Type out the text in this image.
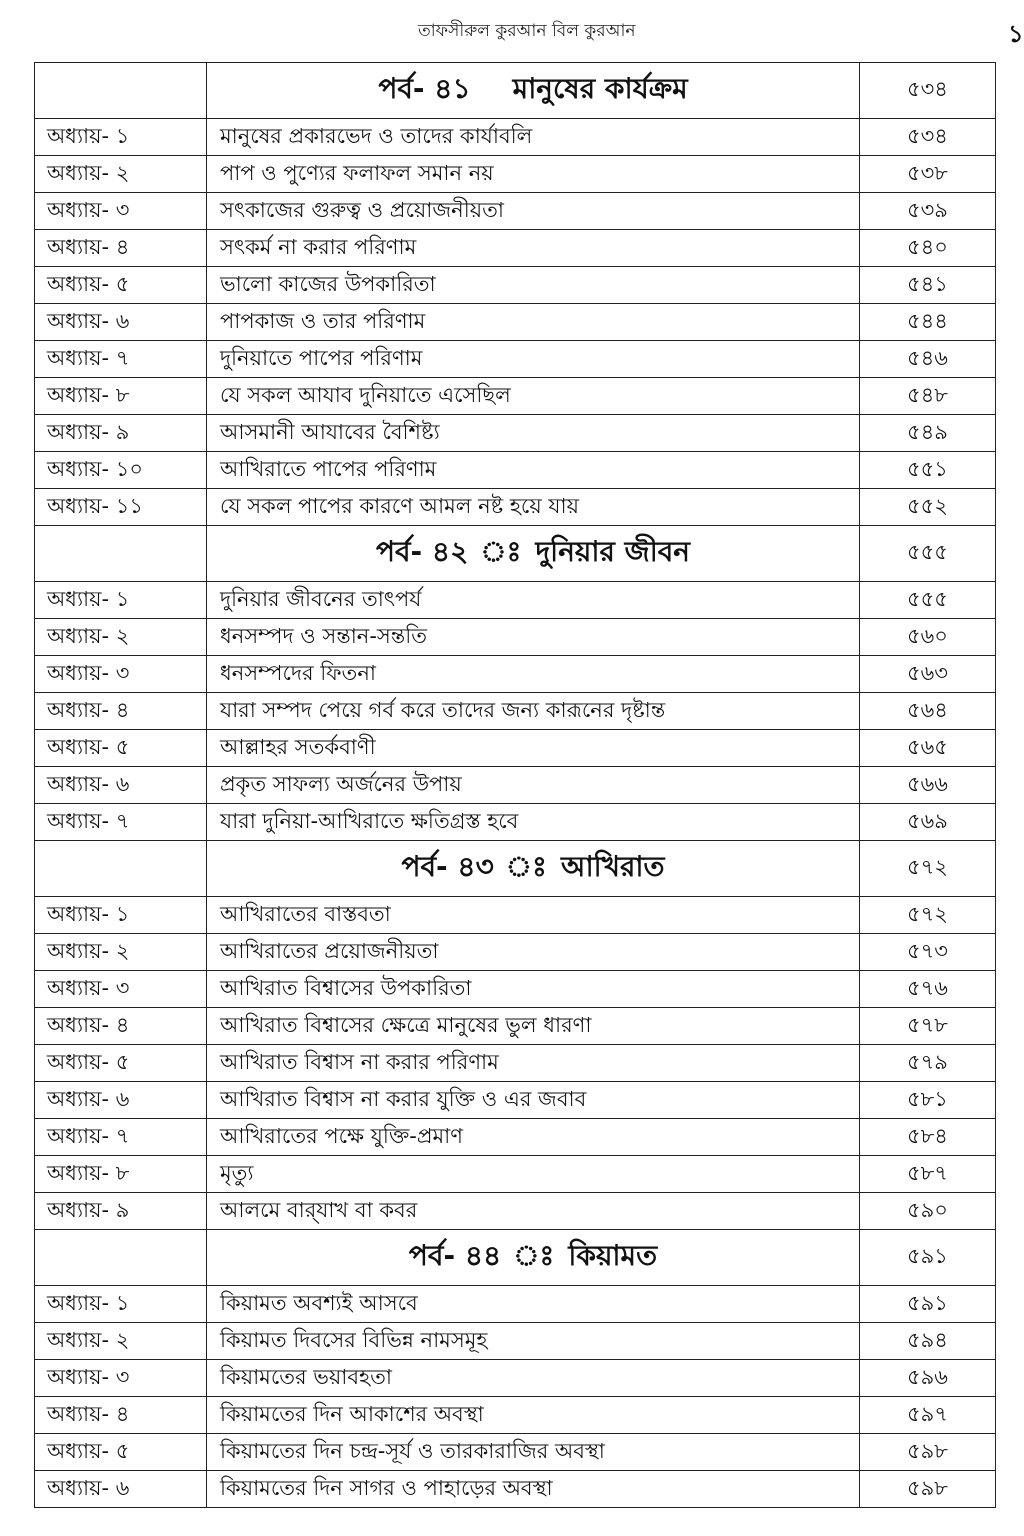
তাফসীরুল কুরআন বিল কুরআন	১
	পর্ব- ৪১ মানুষের কার্যক্রম	৫৩৪
অধ্যায়- ১	মানুষের প্রকারভেদ ও তাদের কার্যাবলি	৫৩৪
অধ্যায়- ২	পাপ ও পুণ্যের ফলাফল সমান নয়	৫৩৮
অধ্যায়- ৩	সৎকাজের গুরুত্ব ও প্রয়োজনীয়তা	৫৩৯
অধ্যায়- ৪	সৎকর্ম না করার পরিণাম	৫৪০
অধ্যায়- ৫	ভালো কাজের উপকারিতা	৫৪১
অধ্যায়- ৬	পাপকাজ ও তার পরিণাম	৫৪৪
অধ্যায়- ৭	দুনিয়াতে পাপের পরিণাম	৫৪৬
অধ্যায়- ৮	যে সকল আযাব দুনিয়াতে এসেছিল	৫৪৮
অধ্যায়- ৯	আসমানী আযাবের বৈশিষ্ট্য	৫৪৯
অধ্যায়- ১০	আখিরাতে পাপের পরিণাম	৫৫১
অধ্যায়- ১১	যে সকল পাপের কারণে আমল নষ্ট হয়ে যায়	৫৫২
	পর্ব- ৪২ ঃ দুনিয়ার জীবন	৫৫৫
অধ্যায়- ১	দুনিয়ার জীবনের তাৎপর্য	৫৫৫
অধ্যায়- ২	ধনসম্পদ ও সন্তান-সন্ততি	৫৬০
অধ্যায়- ৩	ধনসম্পদের ফিতনা	৫৬৩
অধ্যায়- ৪	যারা সম্পদ পেয়ে গর্ব করে তাদের জন্য কারূনের দৃষ্টান্ত	৫৬৪
অধ্যায়- ৫	আল্লাহর সতর্কবাণী	৫৬৫
অধ্যায়- ৬	প্রকৃত সাফল্য অর্জনের উপায়	৫৬৬
অধ্যায়- ৭	যারা দুনিয়া-আখিরাতে ক্ষতিগ্রস্ত হবে	৫৬৯
	পর্ব- ৪৩ ঃ আখিরাত	৫৭২
অধ্যায়- ১	আখিরাতের বাস্তবতা	৫৭২
অধ্যায়- ২	আখিরাতের প্রয়োজনীয়তা	৫৭৩
অধ্যায়- ৩	আখিরাত বিশ্বাসের উপকারিতা	৫৭৬
অধ্যায়- ৪	আখিরাত বিশ্বাসের ক্ষেত্রে মানুষের ভুল ধারণা	৫৭৮
অধ্যায়- ৫	আখিরাত বিশ্বাস না করার পরিণাম	৫৭৯
অধ্যায়- ৬	আখিরাত বিশ্বাস না করার যুক্তি ও এর জবাব	৫৮১
অধ্যায়- ৭	আখিরাতের পক্ষে যুক্তি-প্রমাণ	৫৮৪
অধ্যায়- ৮	মৃত্যু	৫৮৭
অধ্যায়- ৯	আলমে বার্‌যাখ বা কবর	৫৯০
	পর্ব- ৪৪ ঃ কিয়ামত	৫৯১
অধ্যায়- ১	কিয়ামত অবশ্যই আসবে	৫৯১
অধ্যায়- ২	কিয়ামত দিবসের বিভিন্ন নামসমূহ	৫৯৪
অধ্যায়- ৩	কিয়ামতের ভয়াবহতা	৫৯৬
অধ্যায়- ৪	কিয়ামতের দিন আকাশের অবস্থা	৫৯৭
অধ্যায়- ৫	কিয়ামতের দিন চন্দ্র-সূর্য ও তারকারাজির অবস্থা	৫৯৮
অধ্যায়- ৬	কিয়ামতের দিন সাগর ও পাহাড়ের অবস্থা	৫৯৮
